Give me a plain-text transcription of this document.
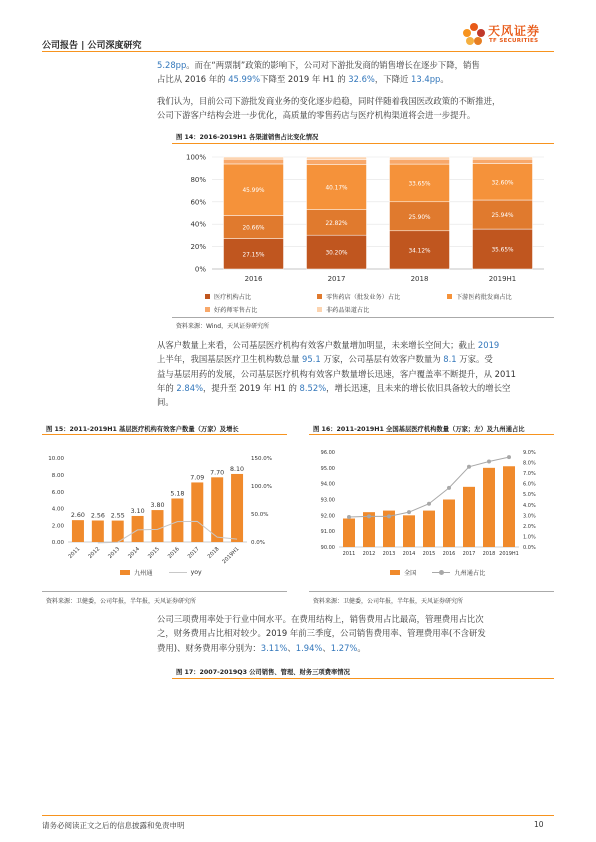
公司报告 | 公司深度研究
天风证券
TF SECURITIES
5.28pp。而在“两票制”政策的影响下，公司对下游批发商的销售增长在逐步下降，销售
占比从 2016 年的 45.99%下降至 2019 年 H1 的 32.6%，下降近 13.4pp。
我们认为，目前公司下游批发商业务的变化逐步趋稳，同时伴随着我国医改政策的不断推进，
公司下游客户结构会进一步优化，高质量的零售药店与医疗机构渠道将会进一步提升。
图 14：2016-2019H1 各渠道销售占比变化情况
0%
20%
40%
60%
80%
100%
27.15%
20.66%
45.99%
2016
30.20%
22.82%
40.17%
2017
34.12%
25.90%
33.65%
2018
35.65%
25.94%
32.60%
2019H1
医疗机构占比	零售药店（批发业务）占比	下游医药批发商占比
好药师零售占比	非药品渠道占比
资料来源：Wind，天风证券研究所
从客户数量上来看，公司基层医疗机构有效客户数量增加明显，未来增长空间大；截止 2019
上半年，我国基层医疗卫生机构数总量 95.1 万家，公司基层有效客户数量为 8.1 万家。受
益与基层用药的发展，公司基层医疗机构有效客户数量增长迅速，客户覆盖率不断提升，从 2011
年的 2.84%，提升至 2019 年 H1 的 8.52%，增长迅速，且未来的增长依旧具备较大的增长空
间。
图 15：2011-2019H1 基层医疗机构有效客户数量（万家）及增长
0.00
2.00
4.00
6.00
8.00
10.00
0.0%
50.0%
100.0%
150.0%
2.60
2011
2.56
2012
2.55
2013
3.10
2014
3.80
2015
5.18
2016
7.09
2017
7.70
2018
8.10
2019H1
九州通	yoy
资料来源：卫健委，公司年报，半年报，天风证券研究所
图 16：2011-2019H1 全国基层医疗机构数量（万家；左）及九州通占比
90.00
91.00
92.00
93.00
94.00
95.00
96.00
0.0%
1.0%
2.0%
3.0%
4.0%
5.0%
6.0%
7.0%
8.0%
9.0%
2011 2012 2013 2014 2015 2016 2017 2018 2019H1
全国	九州通占比
资料来源：卫健委，公司年报，半年报，天风证券研究所
公司三项费用率处于行业中间水平。在费用结构上，销售费用占比最高，管理费用占比次
之，财务费用占比相对较少。2019 年前三季度，公司销售费用率、管理费用率(不含研发
费用)、财务费用率分别为：3.11%、1.94%、1.27%。
图 17：2007-2019Q3 公司销售、管理、财务三项费率情况
请务必阅读正文之后的信息披露和免责申明	10
